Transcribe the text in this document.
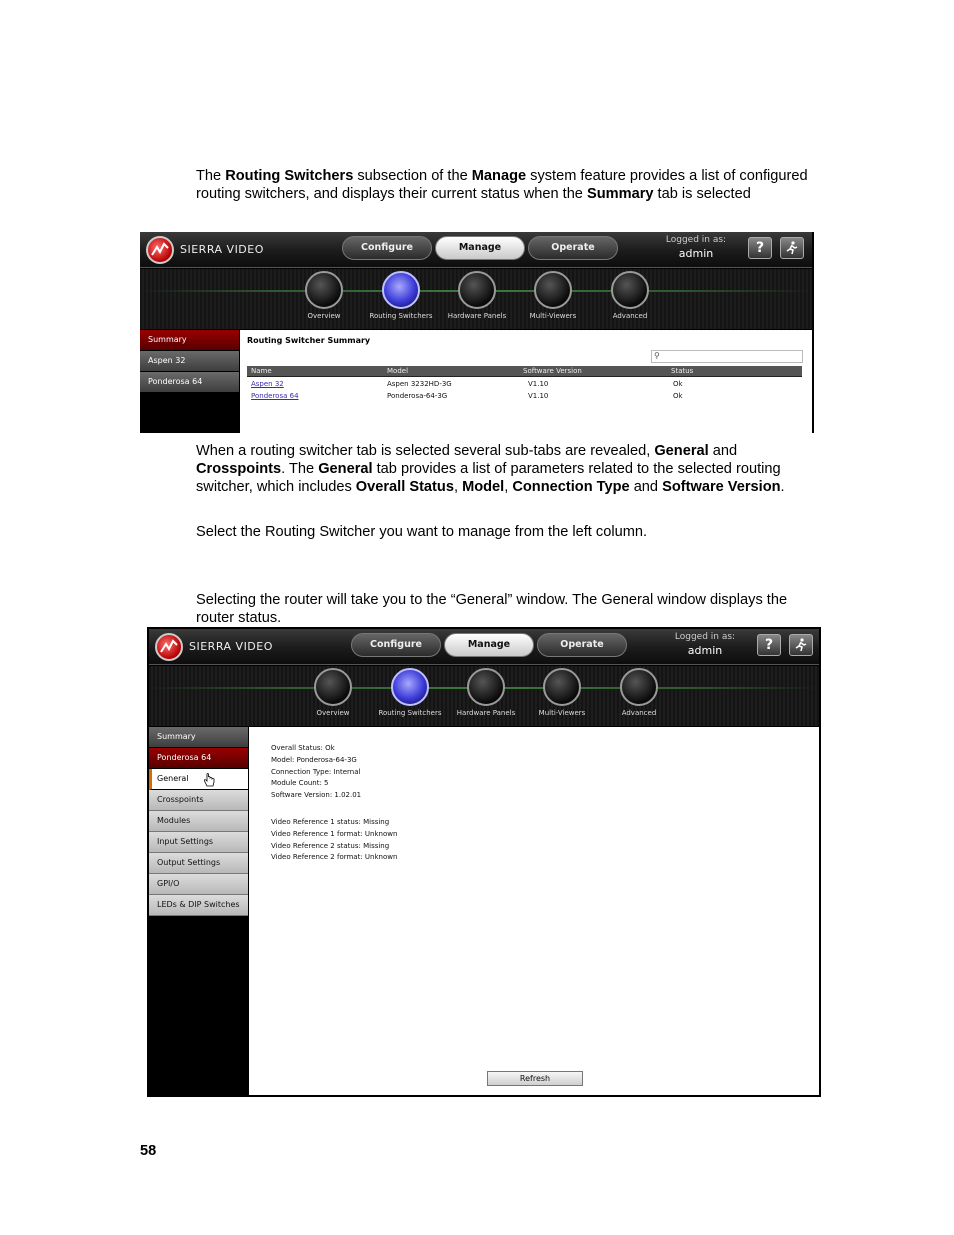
The Routing Switchers subsection of the Manage system feature provides a list of configured routing switchers, and displays their current status when the Summary tab is selected

SIERRA VIDEO	Configure	Manage	Operate
Logged in as:
admin	?
Overview	Routing Switchers	Hardware Panels	Multi-Viewers	Advanced
Summary
Aspen 32
Ponderosa 64
Routing Switcher Summary
⚲
Name	Model	Software Version	Status
Aspen 32	Aspen 3232HD-3G	V1.10	Ok
Ponderosa 64	Ponderosa-64-3G	V1.10	Ok

When a routing switcher tab is selected several sub-tabs are revealed, General and Crosspoints. The General tab provides a list of parameters related to the selected routing switcher, which includes Overall Status, Model, Connection Type and Software Version.

Select the Routing Switcher you want to manage from the left column.

Selecting the router will take you to the “General” window. The General window displays the router status.

SIERRA VIDEO	Configure	Manage	Operate
Logged in as:
admin	?
Overview	Routing Switchers	Hardware Panels	Multi-Viewers	Advanced
Summary
Ponderosa 64
General
Crosspoints
Modules
Input Settings
Output Settings
GPI/O
LEDs & DIP Switches
Overall Status: Ok
Model: Ponderosa-64-3G
Connection Type: Internal
Module Count: 5
Software Version: 1.02.01
Video Reference 1 status: Missing
Video Reference 1 format: Unknown
Video Reference 2 status: Missing
Video Reference 2 format: Unknown
Refresh
58
